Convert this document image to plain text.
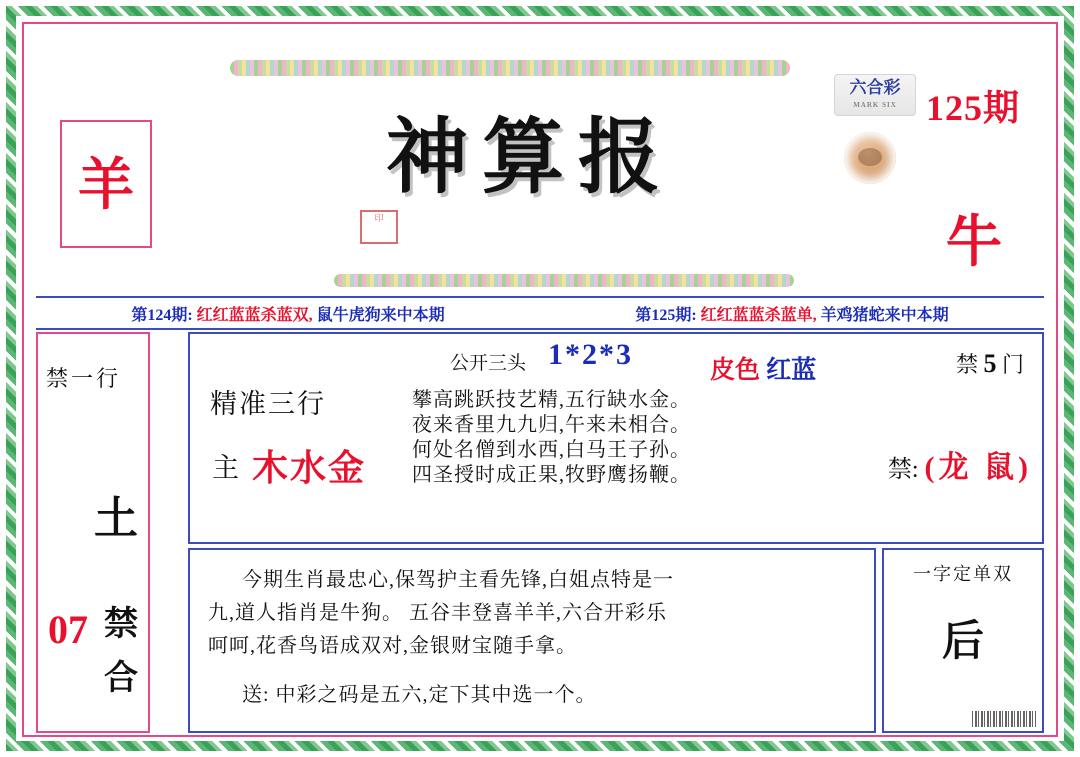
神算报
印
125期
六合彩
MARK SIX
羊
牛
第124期: 红红蓝蓝杀蓝双, 鼠牛虎狗来中本期	第125期: 红红蓝蓝杀蓝单, 羊鸡猪蛇来中本期
07 禁
合
禁一行
土
精准三行
主 木水金
公开三头 1*2*3	皮色 红蓝
攀高跳跃技艺精,五行缺水金。
夜来香里九九归,午来未相合。
何处名僧到水西,白马王子孙。
四圣授时成正果,牧野鹰扬鞭。
禁 5 门
禁: (龙 鼠)

今期生肖最忠心,保驾护主看先锋,白姐点特是一

九,道人指肖是牛狗。 五谷丰登喜羊羊,六合开彩乐

呵呵,花香鸟语成双对,金银财宝随手拿。

送: 中彩之码是五六,定下其中选一个。

一字定单双
后
